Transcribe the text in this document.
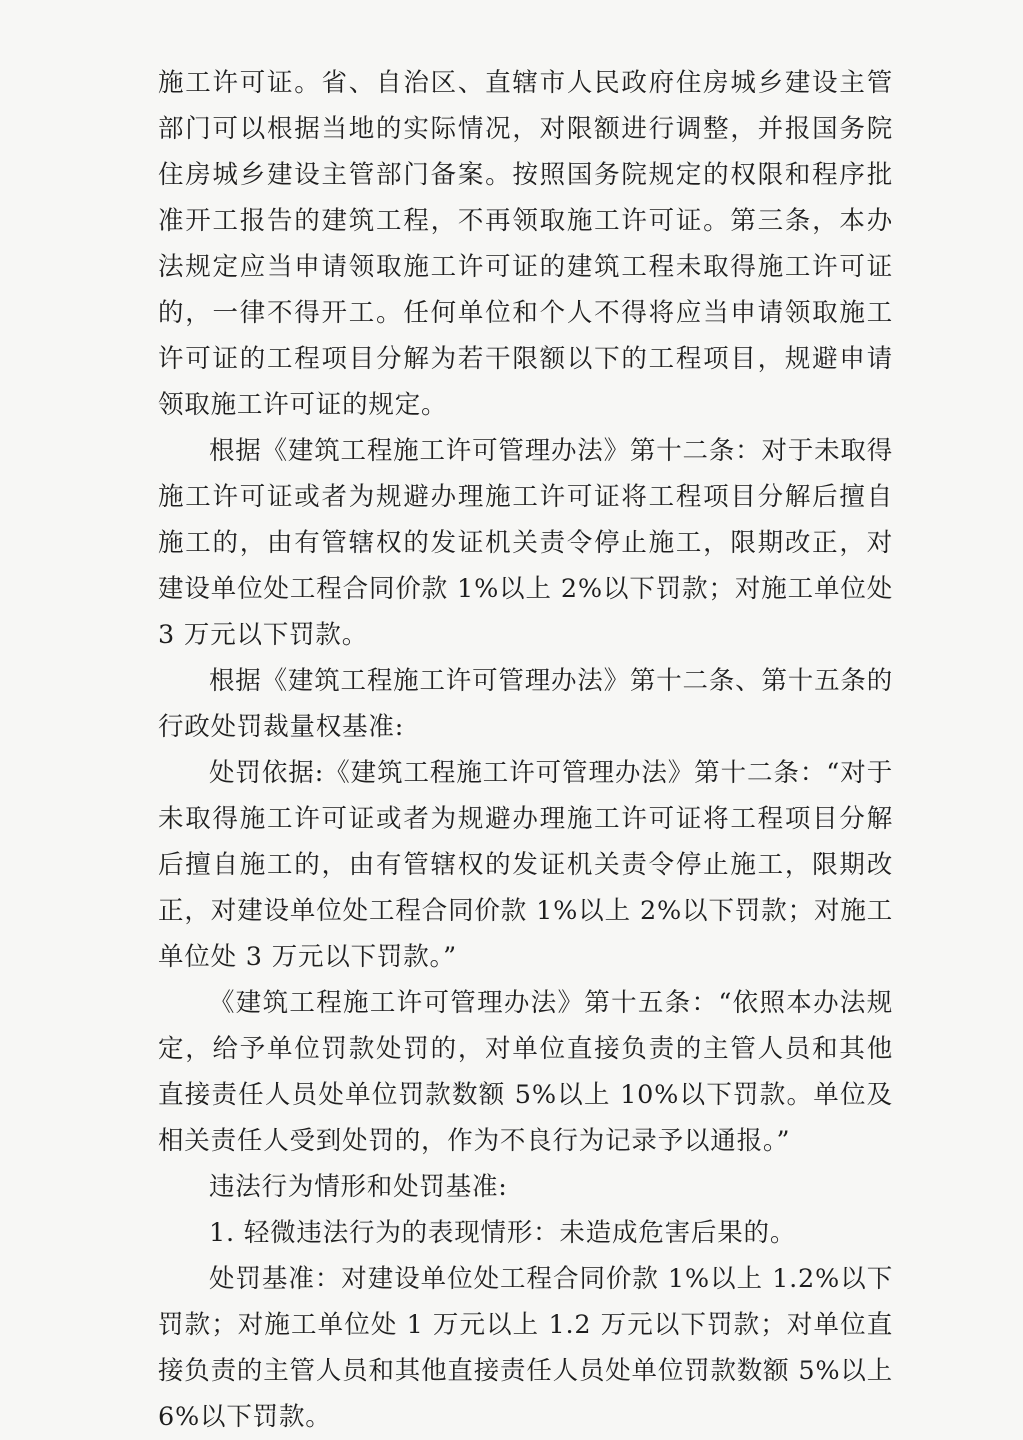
施工许可证。省、自治区、直辖市人民政府住房城乡建设主管部门可以根据当地的实际情况，对限额进行调整，并报国务院住房城乡建设主管部门备案。按照国务院规定的权限和程序批准开工报告的建筑工程，不再领取施工许可证。第三条，本办法规定应当申请领取施工许可证的建筑工程未取得施工许可证的，一律不得开工。任何单位和个人不得将应当申请领取施工许可证的工程项目分解为若干限额以下的工程项目，规避申请领取施工许可证的规定。

根据《建筑工程施工许可管理办法》第十二条：对于未取得施工许可证或者为规避办理施工许可证将工程项目分解后擅自施工的，由有管辖权的发证机关责令停止施工，限期改正，对建设单位处工程合同价款 1%以上 2%以下罚款；对施工单位处 3 万元以下罚款。

根据《建筑工程施工许可管理办法》第十二条、第十五条的行政处罚裁量权基准:

处罚依据:《建筑工程施工许可管理办法》第十二条：“对于未取得施工许可证或者为规避办理施工许可证将工程项目分解后擅自施工的，由有管辖权的发证机关责令停止施工，限期改正，对建设单位处工程合同价款 1%以上 2%以下罚款；对施工单位处 3 万元以下罚款。”

《建筑工程施工许可管理办法》第十五条：“依照本办法规定，给予单位罚款处罚的，对单位直接负责的主管人员和其他直接责任人员处单位罚款数额 5%以上 10%以下罚款。单位及相关责任人受到处罚的，作为不良行为记录予以通报。”

违法行为情形和处罚基准:

1. 轻微违法行为的表现情形：未造成危害后果的。

处罚基准：对建设单位处工程合同价款 1%以上 1.2%以下罚款；对施工单位处 1 万元以上 1.2 万元以下罚款；对单位直接负责的主管人员和其他直接责任人员处单位罚款数额 5%以上 6%以下罚款。
